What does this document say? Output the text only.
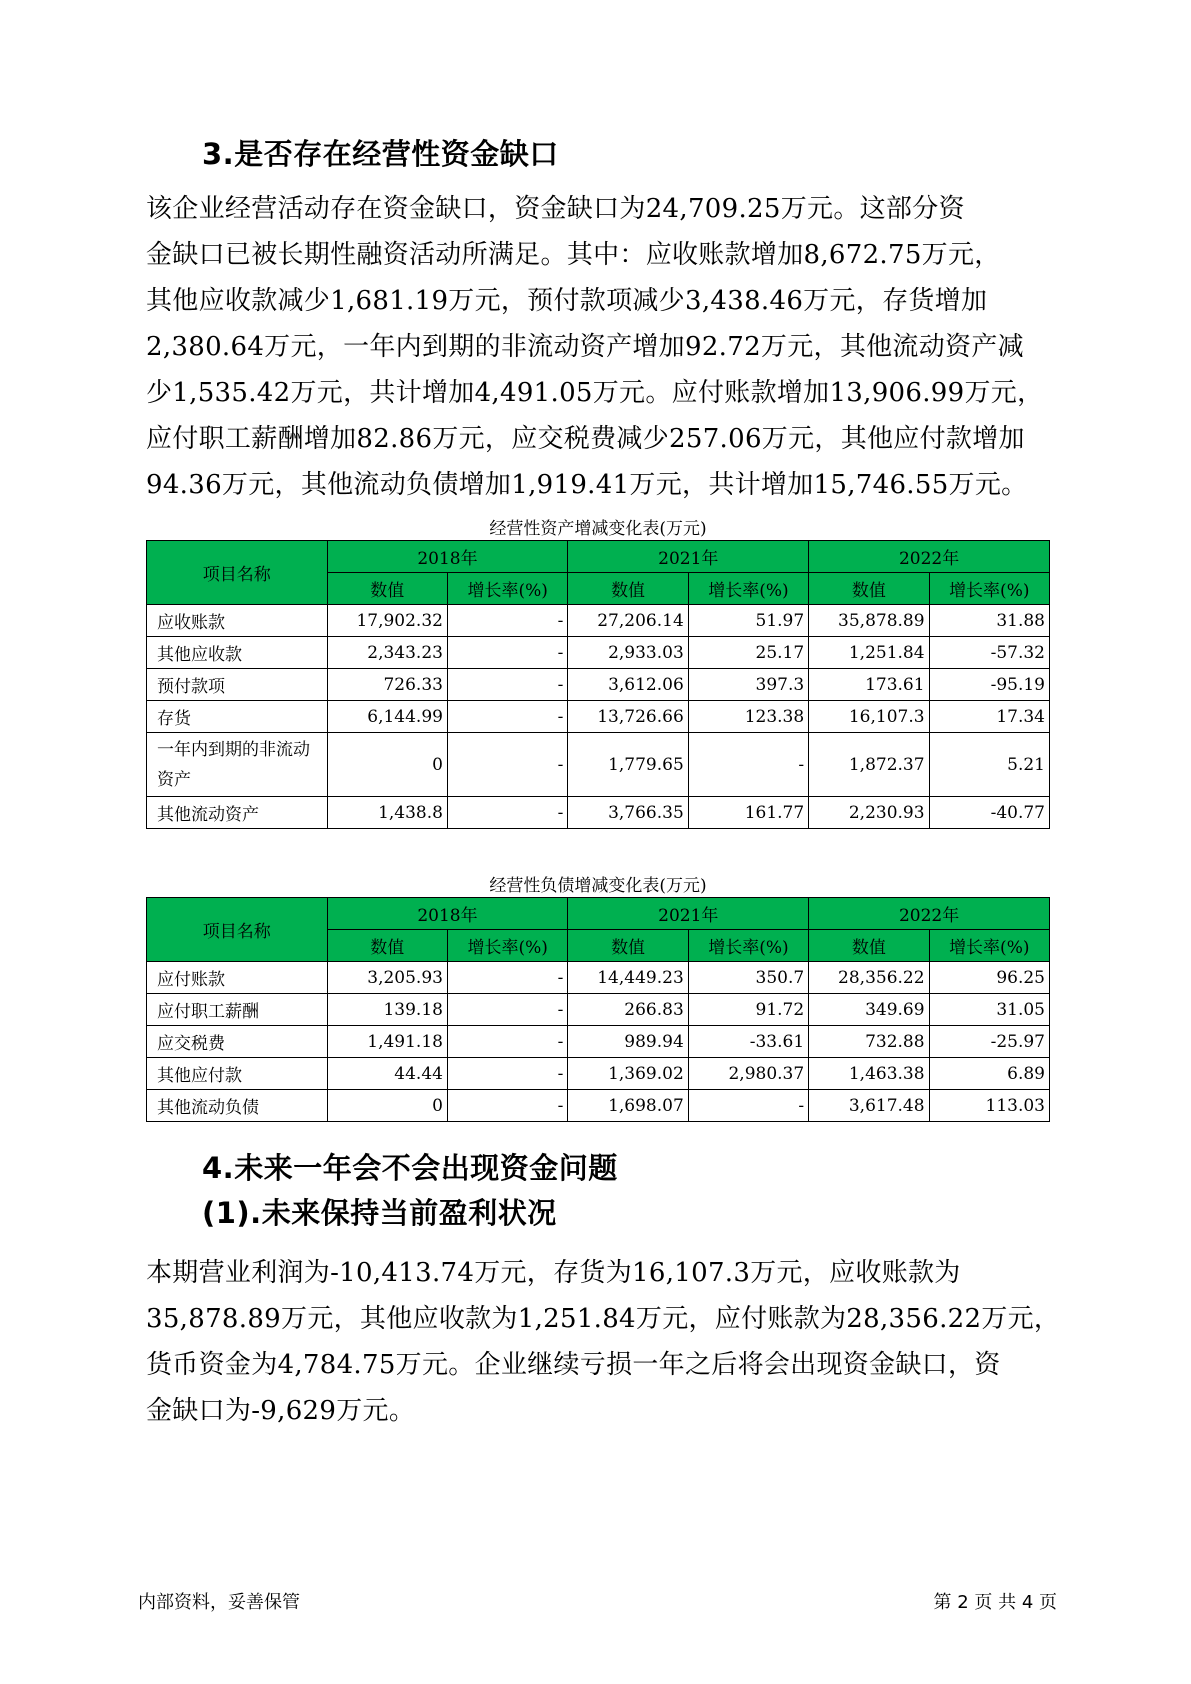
3.是否存在经营性资金缺口
该企业经营活动存在资金缺口，资金缺口为24,709.25万元。这部分资
金缺口已被长期性融资活动所满足。其中：应收账款增加8,672.75万元，
其他应收款减少1,681.19万元，预付款项减少3,438.46万元，存货增加
2,380.64万元，一年内到期的非流动资产增加92.72万元，其他流动资产减
少1,535.42万元，共计增加4,491.05万元。应付账款增加13,906.99万元，
应付职工薪酬增加82.86万元，应交税费减少257.06万元，其他应付款增加
94.36万元，其他流动负债增加1,919.41万元，共计增加15,746.55万元。
经营性资产增减变化表(万元)
项目名称	2018年		2021年		2022年	
	数值	增长率(%)	数值	增长率(%)	数值	增长率(%)
应收账款	17,902.32	-	27,206.14	51.97	35,878.89	31.88
其他应收款	2,343.23	-	2,933.03	25.17	1,251.84	-57.32
预付款项	726.33	-	3,612.06	397.3	173.61	-95.19
存货	6,144.99	-	13,726.66	123.38	16,107.3	17.34
一年内到期的非流动资产	0	-	1,779.65	-	1,872.37	5.21
其他流动资产	1,438.8	-	3,766.35	161.77	2,230.93	-40.77
经营性负债增减变化表(万元)
项目名称	2018年		2021年		2022年	
	数值	增长率(%)	数值	增长率(%)	数值	增长率(%)
应付账款	3,205.93	-	14,449.23	350.7	28,356.22	96.25
应付职工薪酬	139.18	-	266.83	91.72	349.69	31.05
应交税费	1,491.18	-	989.94	-33.61	732.88	-25.97
其他应付款	44.44	-	1,369.02	2,980.37	1,463.38	6.89
其他流动负债	0	-	1,698.07	-	3,617.48	113.03
4.未来一年会不会出现资金问题
(1).未来保持当前盈利状况
本期营业利润为-10,413.74万元，存货为16,107.3万元，应收账款为
35,878.89万元，其他应收款为1,251.84万元，应付账款为28,356.22万元，
货币资金为4,784.75万元。企业继续亏损一年之后将会出现资金缺口，资
金缺口为-9,629万元。
内部资料，妥善保管	第 2 页 共 4 页
